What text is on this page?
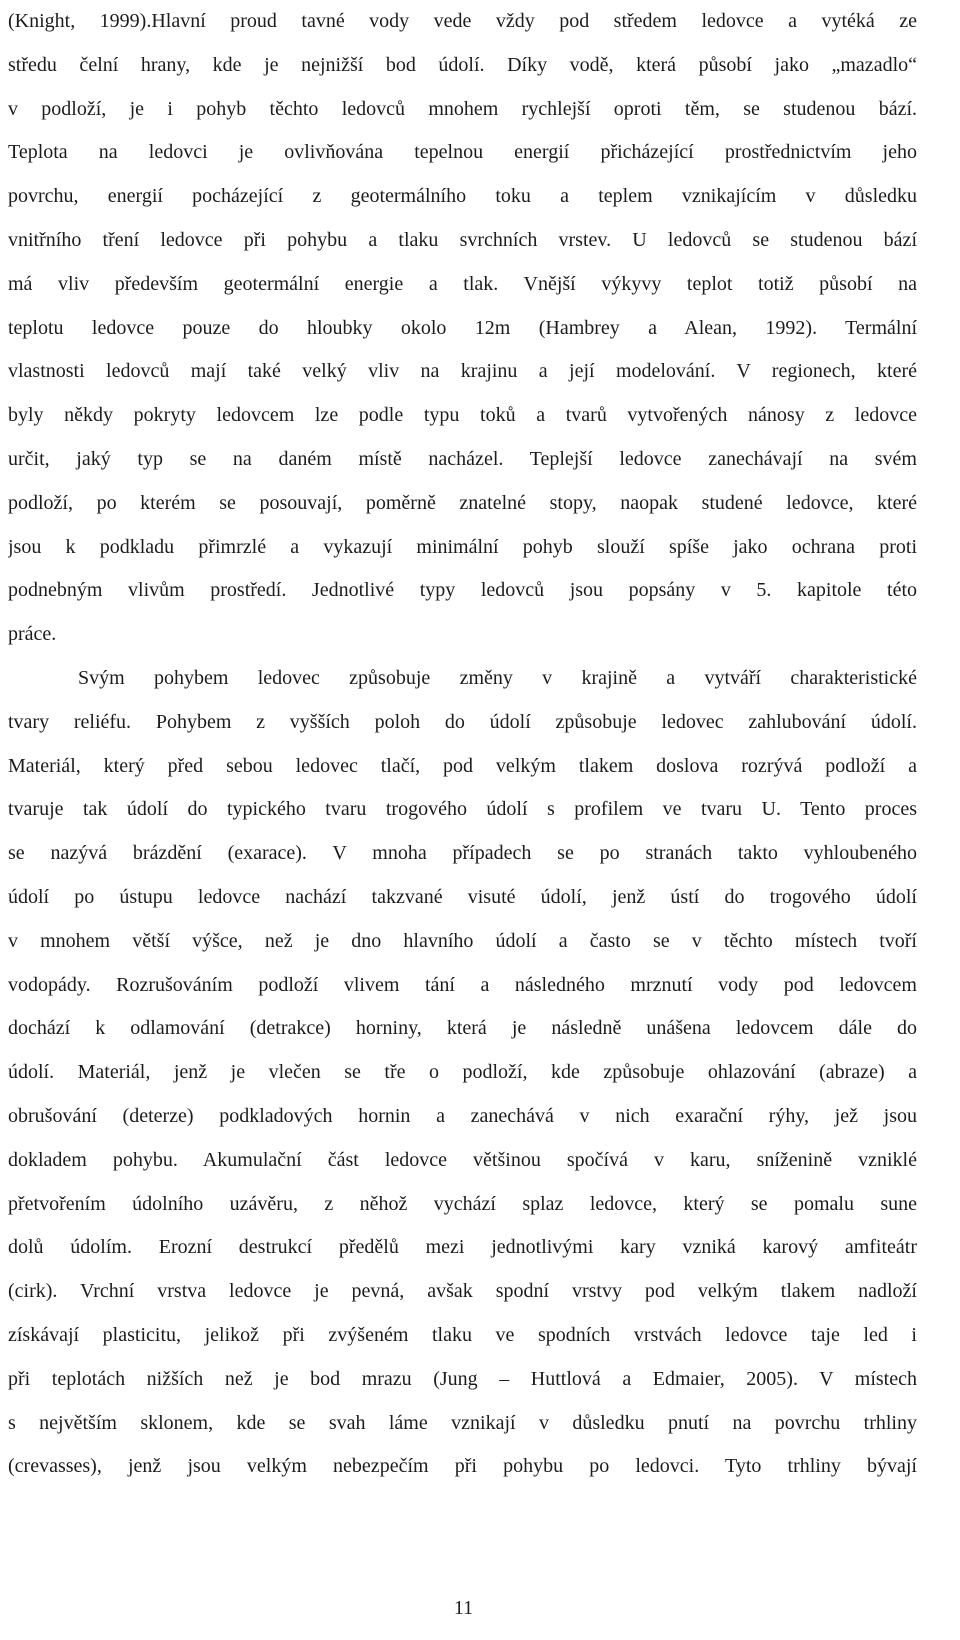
(Knight, 1999).Hlavní proud tavné vody vede vždy pod středem ledovce a vytéká ze
středu čelní hrany, kde je nejnižší bod údolí. Díky vodě, která působí jako „mazadlo“
v podloží, je i pohyb těchto ledovců mnohem rychlejší oproti těm, se studenou bází.
Teplota na ledovci je ovlivňována tepelnou energií přicházející prostřednictvím jeho
povrchu, energií pocházející z geotermálního toku a teplem vznikajícím v důsledku
vnitřního tření ledovce při pohybu a tlaku svrchních vrstev. U ledovců se studenou bází
má vliv především geotermální energie a tlak. Vnější výkyvy teplot totiž působí na
teplotu ledovce pouze do hloubky okolo 12m (Hambrey a Alean, 1992). Termální
vlastnosti ledovců mají také velký vliv na krajinu a její modelování. V regionech, které
byly někdy pokryty ledovcem lze podle typu toků a tvarů vytvořených nánosy z ledovce
určit, jaký typ se na daném místě nacházel. Teplejší ledovce zanechávají na svém
podloží, po kterém se posouvají, poměrně znatelné stopy, naopak studené ledovce, které
jsou k podkladu přimrzlé a vykazují minimální pohyb slouží spíše jako ochrana proti
podnebným vlivům prostředí. Jednotlivé typy ledovců jsou popsány v 5. kapitole této
práce.
Svým pohybem ledovec způsobuje změny v krajině a vytváří charakteristické
tvary reliéfu. Pohybem z vyšších poloh do údolí způsobuje ledovec zahlubování údolí.
Materiál, který před sebou ledovec tlačí, pod velkým tlakem doslova rozrývá podloží a
tvaruje tak údolí do typického tvaru trogového údolí s profilem ve tvaru U. Tento proces
se nazývá brázdění (exarace). V mnoha případech se po stranách takto vyhloubeného
údolí po ústupu ledovce nachází takzvané visuté údolí, jenž ústí do trogového údolí
v mnohem větší výšce, než je dno hlavního údolí a často se v těchto místech tvoří
vodopády. Rozrušováním podloží vlivem tání a následného mrznutí vody pod ledovcem
dochází k odlamování (detrakce) horniny, která je následně unášena ledovcem dále do
údolí. Materiál, jenž je vlečen se tře o podloží, kde způsobuje ohlazování (abraze) a
obrušování (deterze) podkladových hornin a zanechává v nich exarační rýhy, jež jsou
dokladem pohybu. Akumulační část ledovce většinou spočívá v karu, sníženině vzniklé
přetvořením údolního uzávěru, z něhož vychází splaz ledovce, který se pomalu sune
dolů údolím. Erozní destrukcí předělů mezi jednotlivými kary vzniká karový amfiteátr
(cirk). Vrchní vrstva ledovce je pevná, avšak spodní vrstvy pod velkým tlakem nadloží
získávají plasticitu, jelikož při zvýšeném tlaku ve spodních vrstvách ledovce taje led i
při teplotách nižších než je bod mrazu (Jung – Huttlová a Edmaier, 2005). V místech
s největším sklonem, kde se svah láme vznikají v důsledku pnutí na povrchu trhliny
(crevasses), jenž jsou velkým nebezpečím při pohybu po ledovci. Tyto trhliny bývají
11
